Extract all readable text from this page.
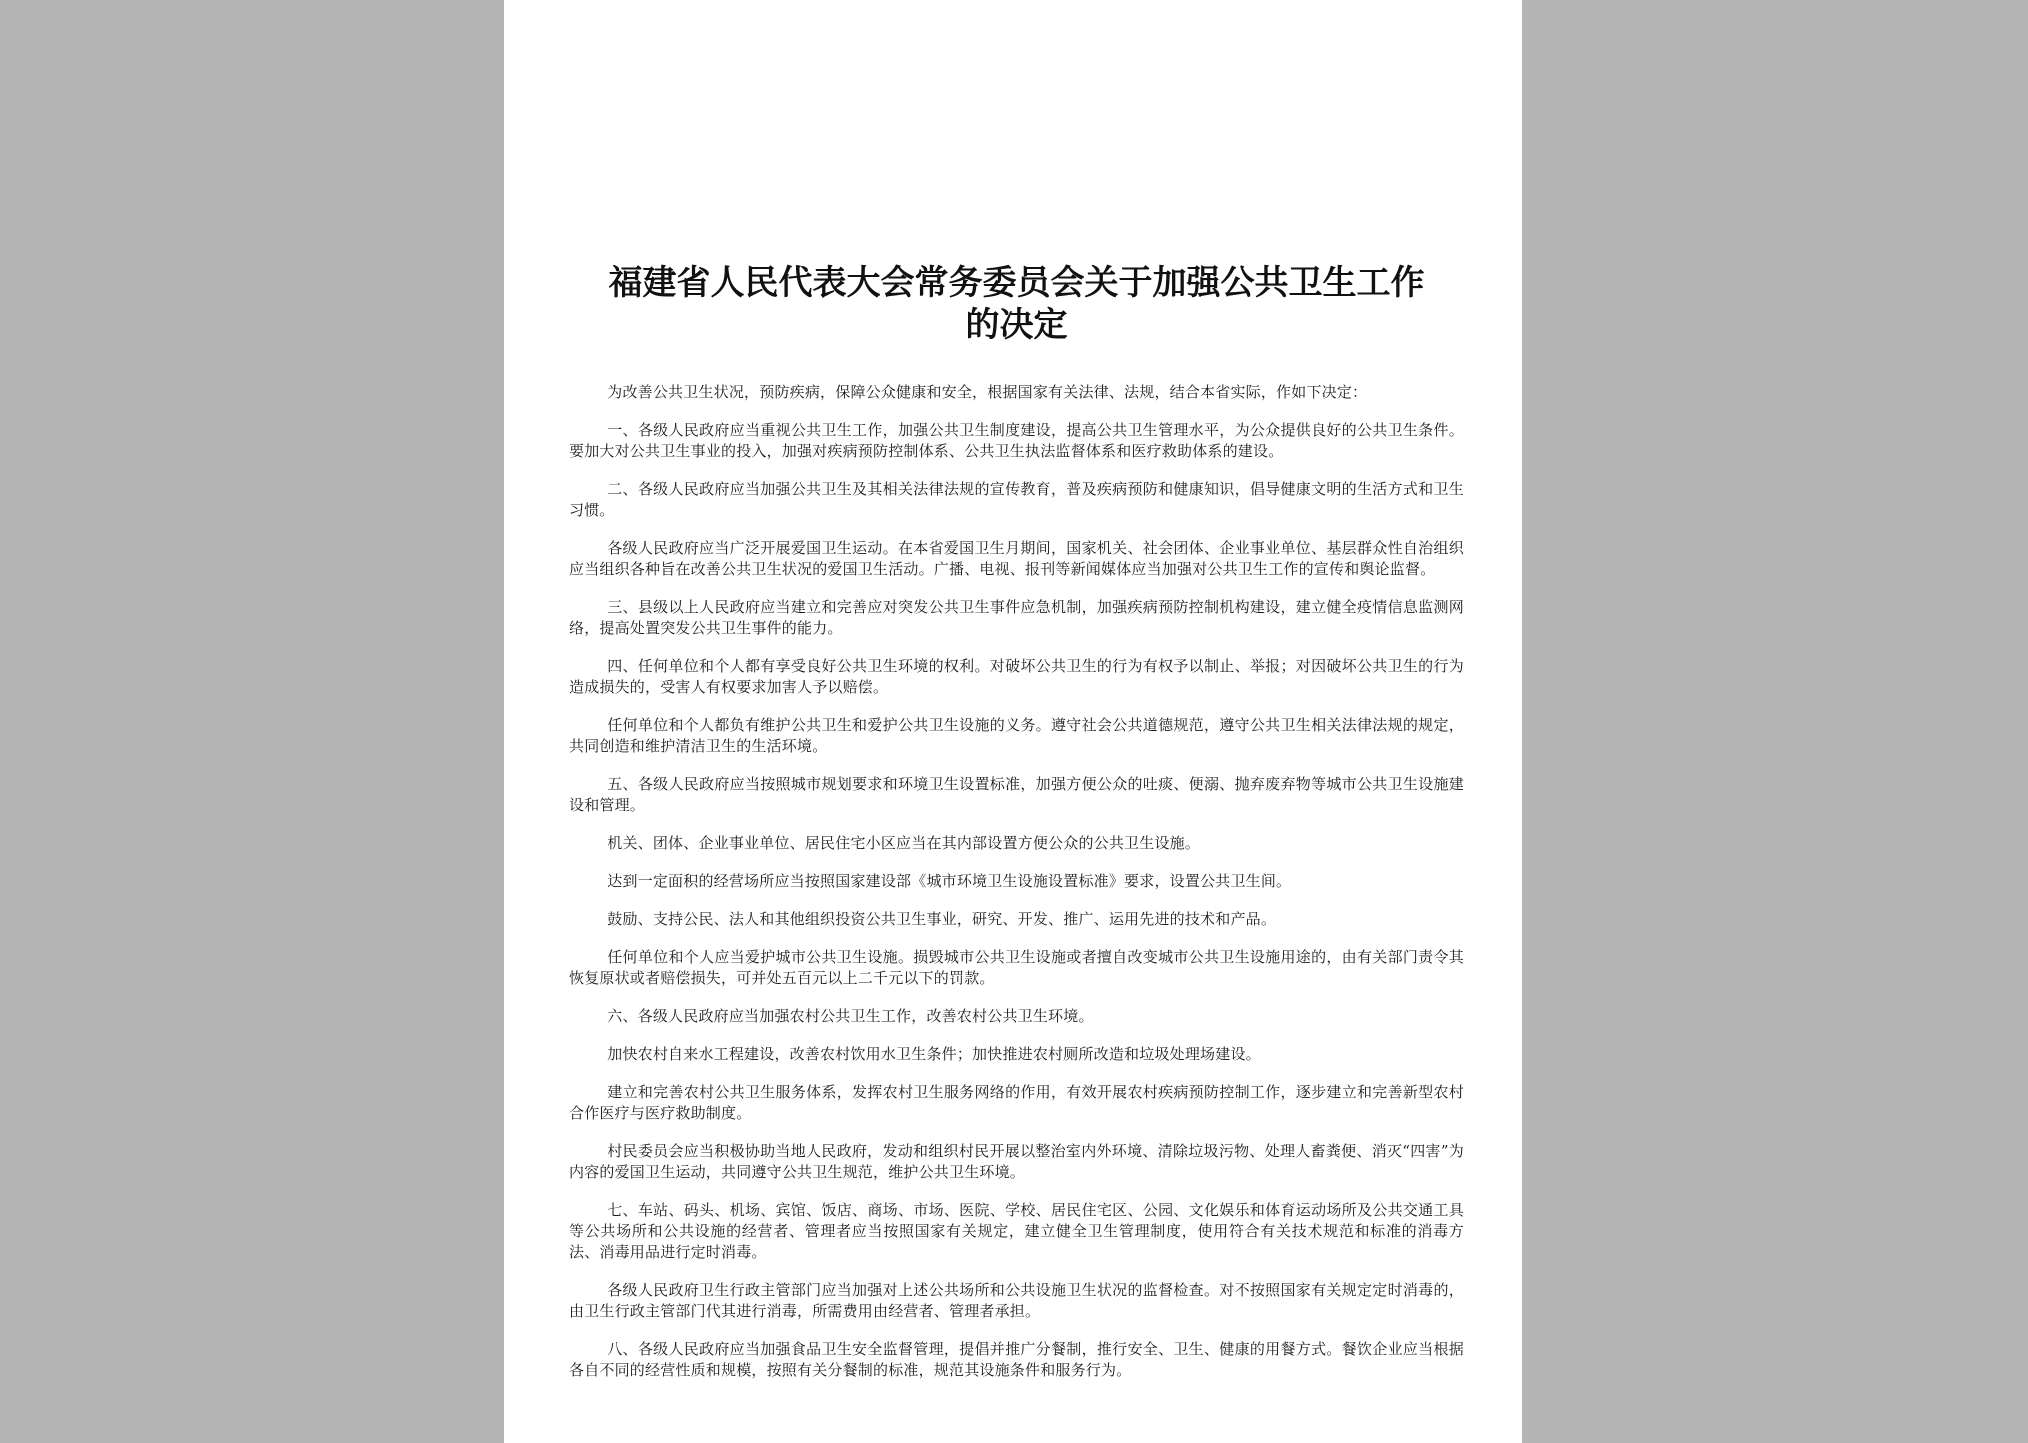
福建省人民代表大会常务委员会关于加强公共卫生工作
的决定

为改善公共卫生状况，预防疾病，保障公众健康和安全，根据国家有关法律、法规，结合本省实际，作如下决定：

一、各级人民政府应当重视公共卫生工作，加强公共卫生制度建设，提高公共卫生管理水平，为公众提供良好的公共卫生条件。要加大对公共卫生事业的投入，加强对疾病预防控制体系、公共卫生执法监督体系和医疗救助体系的建设。

二、各级人民政府应当加强公共卫生及其相关法律法规的宣传教育，普及疾病预防和健康知识，倡导健康文明的生活方式和卫生习惯。

各级人民政府应当广泛开展爱国卫生运动。在本省爱国卫生月期间，国家机关、社会团体、企业事业单位、基层群众性自治组织应当组织各种旨在改善公共卫生状况的爱国卫生活动。广播、电视、报刊等新闻媒体应当加强对公共卫生工作的宣传和舆论监督。

三、县级以上人民政府应当建立和完善应对突发公共卫生事件应急机制，加强疾病预防控制机构建设，建立健全疫情信息监测网络，提高处置突发公共卫生事件的能力。

四、任何单位和个人都有享受良好公共卫生环境的权利。对破坏公共卫生的行为有权予以制止、举报；对因破坏公共卫生的行为造成损失的，受害人有权要求加害人予以赔偿。

任何单位和个人都负有维护公共卫生和爱护公共卫生设施的义务。遵守社会公共道德规范，遵守公共卫生相关法律法规的规定，共同创造和维护清洁卫生的生活环境。

五、各级人民政府应当按照城市规划要求和环境卫生设置标准，加强方便公众的吐痰、便溺、抛弃废弃物等城市公共卫生设施建设和管理。

机关、团体、企业事业单位、居民住宅小区应当在其内部设置方便公众的公共卫生设施。

达到一定面积的经营场所应当按照国家建设部《城市环境卫生设施设置标准》要求，设置公共卫生间。

鼓励、支持公民、法人和其他组织投资公共卫生事业，研究、开发、推广、运用先进的技术和产品。

任何单位和个人应当爱护城市公共卫生设施。损毁城市公共卫生设施或者擅自改变城市公共卫生设施用途的，由有关部门责令其恢复原状或者赔偿损失，可并处五百元以上二千元以下的罚款。

六、各级人民政府应当加强农村公共卫生工作，改善农村公共卫生环境。

加快农村自来水工程建设，改善农村饮用水卫生条件；加快推进农村厕所改造和垃圾处理场建设。

建立和完善农村公共卫生服务体系，发挥农村卫生服务网络的作用，有效开展农村疾病预防控制工作，逐步建立和完善新型农村合作医疗与医疗救助制度。

村民委员会应当积极协助当地人民政府，发动和组织村民开展以整治室内外环境、清除垃圾污物、处理人畜粪便、消灭“四害”为内容的爱国卫生运动，共同遵守公共卫生规范，维护公共卫生环境。

七、车站、码头、机场、宾馆、饭店、商场、市场、医院、学校、居民住宅区、公园、文化娱乐和体育运动场所及公共交通工具等公共场所和公共设施的经营者、管理者应当按照国家有关规定，建立健全卫生管理制度，使用符合有关技术规范和标准的消毒方法、消毒用品进行定时消毒。

各级人民政府卫生行政主管部门应当加强对上述公共场所和公共设施卫生状况的监督检查。对不按照国家有关规定定时消毒的，由卫生行政主管部门代其进行消毒，所需费用由经营者、管理者承担。

八、各级人民政府应当加强食品卫生安全监督管理，提倡并推广分餐制，推行安全、卫生、健康的用餐方式。餐饮企业应当根据各自不同的经营性质和规模，按照有关分餐制的标准，规范其设施条件和服务行为。
